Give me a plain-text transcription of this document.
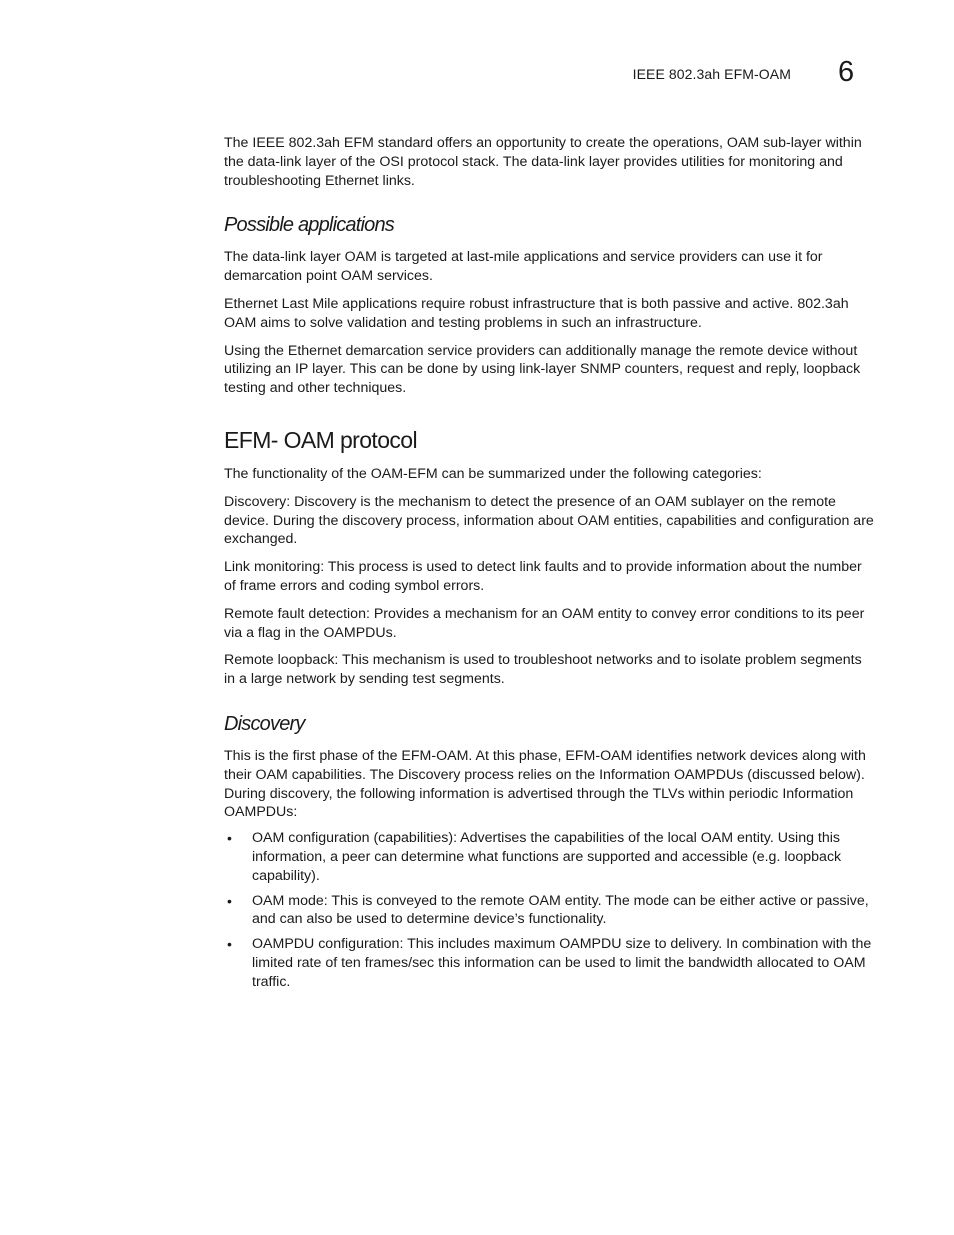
IEEE 802.3ah EFM-OAM 6

The IEEE 802.3ah EFM standard offers an opportunity to create the operations, OAM sub-layer within the data-link layer of the OSI protocol stack. The data-link layer provides utilities for monitoring and troubleshooting Ethernet links.

Possible applications

The data-link layer OAM is targeted at last-mile applications and service providers can use it for demarcation point OAM services.

Ethernet Last Mile applications require robust infrastructure that is both passive and active. 802.3ah OAM aims to solve validation and testing problems in such an infrastructure.

Using the Ethernet demarcation service providers can additionally manage the remote device without utilizing an IP layer. This can be done by using link-layer SNMP counters, request and reply, loopback testing and other techniques.

EFM- OAM protocol

The functionality of the OAM-EFM can be summarized under the following categories:

Discovery: Discovery is the mechanism to detect the presence of an OAM sublayer on the remote device. During the discovery process, information about OAM entities, capabilities and configuration are exchanged.

Link monitoring: This process is used to detect link faults and to provide information about the number of frame errors and coding symbol errors.

Remote fault detection: Provides a mechanism for an OAM entity to convey error conditions to its peer via a flag in the OAMPDUs.

Remote loopback: This mechanism is used to troubleshoot networks and to isolate problem segments in a large network by sending test segments.

Discovery

This is the first phase of the EFM-OAM. At this phase, EFM-OAM identifies network devices along with their OAM capabilities. The Discovery process relies on the Information OAMPDUs (discussed below). During discovery, the following information is advertised through the TLVs within periodic Information OAMPDUs:

• OAM configuration (capabilities): Advertises the capabilities of the local OAM entity. Using this information, a peer can determine what functions are supported and accessible (e.g. loopback capability).
• OAM mode: This is conveyed to the remote OAM entity. The mode can be either active or passive, and can also be used to determine device’s functionality.
• OAMPDU configuration: This includes maximum OAMPDU size to delivery. In combination with the limited rate of ten frames/sec this information can be used to limit the bandwidth allocated to OAM traffic.
